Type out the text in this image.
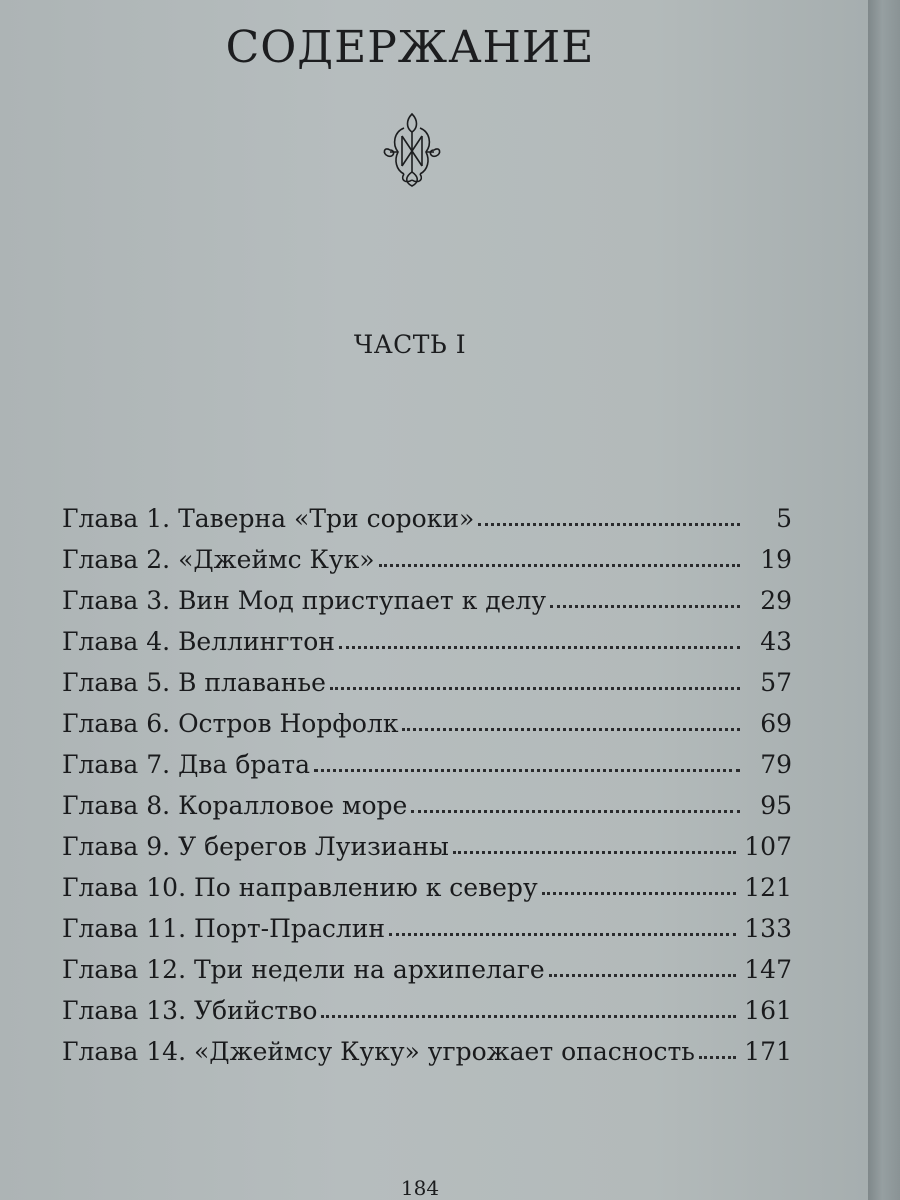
СОДЕРЖАНИЕ
ЧАСТЬ I
Глава 1. Таверна «Три сороки»	5
Глава 2. «Джеймс Кук»	19
Глава 3. Вин Мод приступает к делу	29
Глава 4. Веллингтон	43
Глава 5. В плаванье	57
Глава 6. Остров Норфолк	69
Глава 7. Два брата	79
Глава 8. Коралловое море	95
Глава 9. У берегов Луизианы	107
Глава 10. По направлению к северу	121
Глава 11. Порт-Праслин	133
Глава 12. Три недели на архипелаге	147
Глава 13. Убийство	161
Глава 14. «Джеймсу Куку» угрожает опасность	171
184
